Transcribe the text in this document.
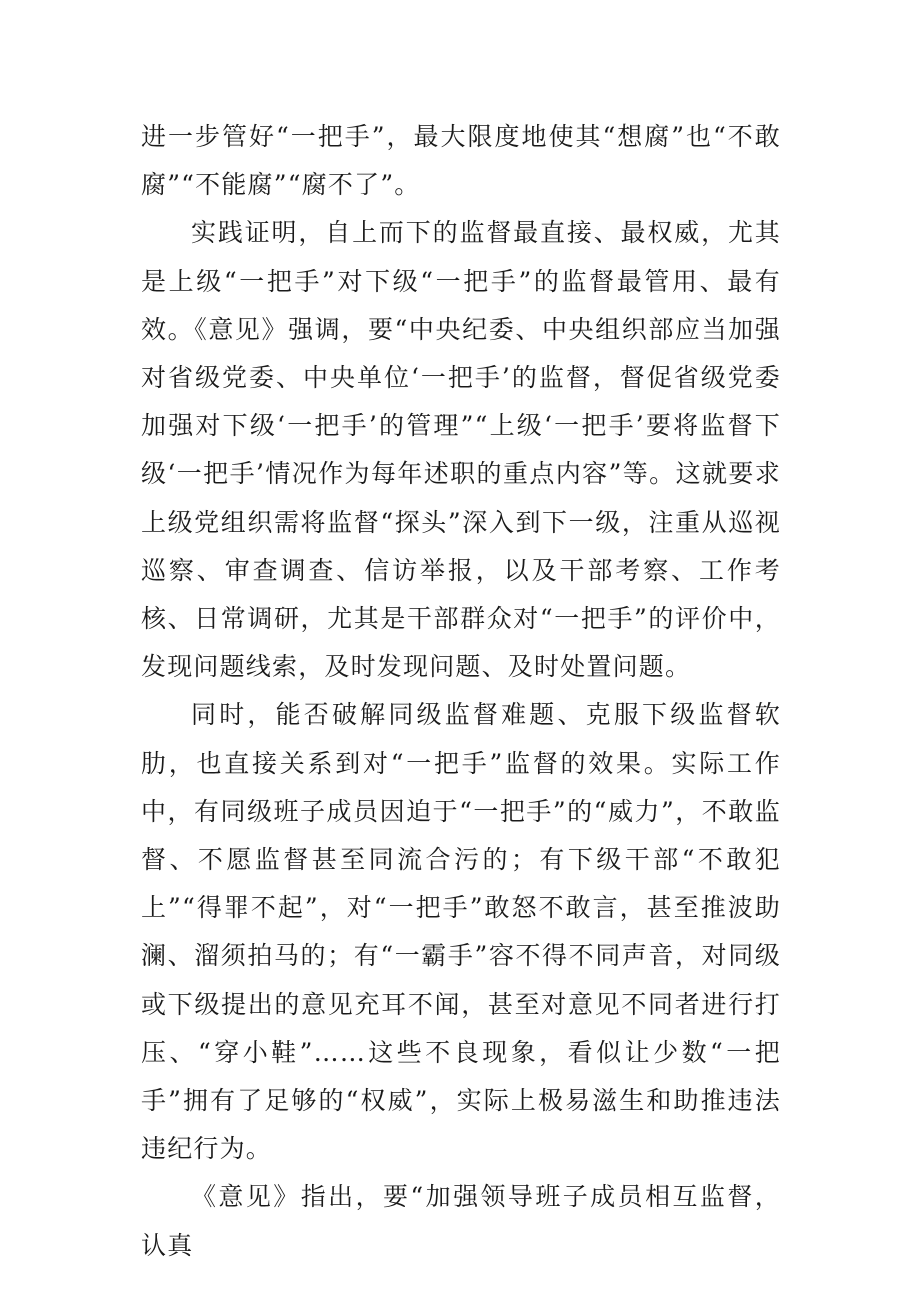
进一步管好“一把手”，最大限度地使其“想腐”也“不敢腐”“不能腐”“腐不了”。

实践证明，自上而下的监督最直接、最权威，尤其是上级“一把手”对下级“一把手”的监督最管用、最有效。《意见》强调，要“中央纪委、中央组织部应当加强对省级党委、中央单位‘一把手’的监督，督促省级党委加强对下级‘一把手’的管理”“上级‘一把手’要将监督下级‘一把手’情况作为每年述职的重点内容”等。这就要求上级党组织需将监督“探头”深入到下一级，注重从巡视巡察、审查调查、信访举报，以及干部考察、工作考核、日常调研，尤其是干部群众对“一把手”的评价中，发现问题线索，及时发现问题、及时处置问题。

同时，能否破解同级监督难题、克服下级监督软肋，也直接关系到对“一把手”监督的效果。实际工作中，有同级班子成员因迫于“一把手”的“威力”，不敢监督、不愿监督甚至同流合污的；有下级干部“不敢犯上”“得罪不起”，对“一把手”敢怒不敢言，甚至推波助澜、溜须拍马的；有“一霸手”容不得不同声音，对同级或下级提出的意见充耳不闻，甚至对意见不同者进行打压、“穿小鞋”……这些不良现象，看似让少数“一把手”拥有了足够的“权威”，实际上极易滋生和助推违法违纪行为。

《意见》指出，要“加强领导班子成员相互监督，认真
